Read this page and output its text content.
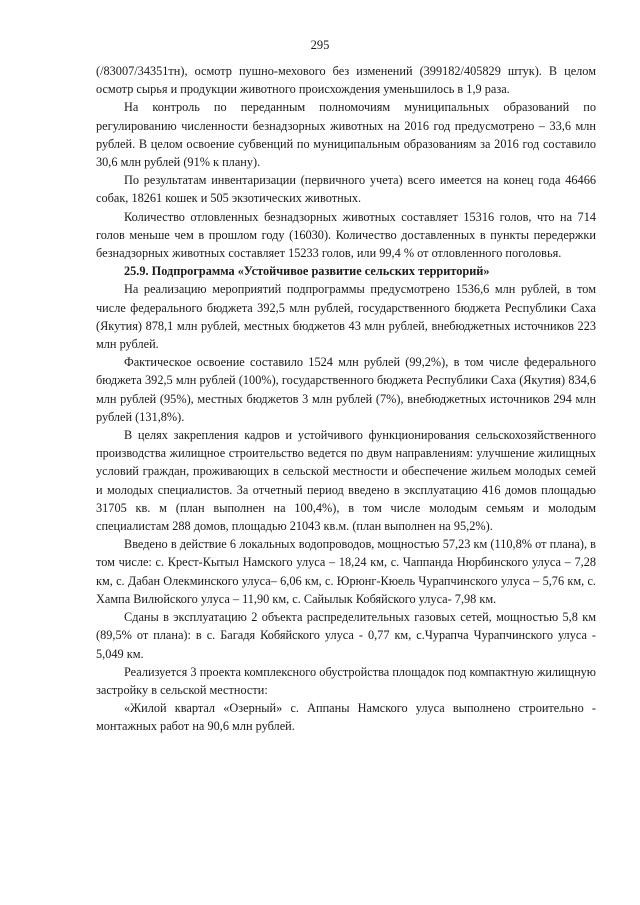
295

(/83007/34351тн), осмотр пушно-мехового без изменений (399182/405829 штук). В целом осмотр сырья и продукции животного происхождения уменьшилось в 1,9 раза.

На контроль по переданным полномочиям муниципальных образований по регулированию численности безнадзорных животных на 2016 год предусмотрено – 33,6 млн рублей. В целом освоение субвенций по муниципальным образованиям за 2016 год составило 30,6 млн рублей (91% к плану).

По результатам инвентаризации (первичного учета) всего имеется на конец года 46466 собак, 18261 кошек и 505 экзотических животных.

Количество отловленных безнадзорных животных составляет 15316 голов, что на 714 голов меньше чем в прошлом году (16030). Количество доставленных в пункты передержки безнадзорных животных составляет 15233 голов, или 99,4 % от отловленного поголовья.

25.9. Подпрограмма «Устойчивое развитие сельских территорий»

На реализацию мероприятий подпрограммы предусмотрено 1536,6 млн рублей, в том числе федерального бюджета 392,5 млн рублей, государственного бюджета Республики Саха (Якутия) 878,1 млн рублей, местных бюджетов 43 млн рублей, внебюджетных источников 223 млн рублей.

Фактическое освоение составило 1524 млн рублей (99,2%), в том числе федерального бюджета 392,5 млн рублей (100%), государственного бюджета Республики Саха (Якутия) 834,6 млн рублей (95%), местных бюджетов 3 млн рублей (7%), внебюджетных источников 294 млн рублей (131,8%).

В целях закрепления кадров и устойчивого функционирования сельскохозяйственного производства жилищное строительство ведется по двум направлениям: улучшение жилищных условий граждан, проживающих в сельской местности и обеспечение жильем молодых семей и молодых специалистов. За отчетный период введено в эксплуатацию 416 домов площадью 31705 кв. м (план выполнен на 100,4%), в том числе молодым семьям и молодым специалистам 288 домов, площадью 21043 кв.м. (план выполнен на 95,2%).

Введено в действие 6 локальных водопроводов, мощностью 57,23 км (110,8% от плана), в том числе: с. Крест-Кытыл Намского улуса – 18,24 км, с. Чаппанда Нюрбинского улуса – 7,28 км, с. Дабан Олекминского улуса– 6,06 км, с. Юрюнг-Кюель Чурапчинского улуса – 5,76 км, с. Хампа Вилюйского улуса – 11,90 км, с. Сайылык Кобяйского улуса- 7,98 км.

Сданы в эксплуатацию 2 объекта распределительных газовых сетей, мощностью 5,8 км (89,5% от плана): в с. Багадя Кобяйского улуса - 0,77 км, с.Чурапча Чурапчинского улуса - 5,049 км.

Реализуется 3 проекта комплексного обустройства площадок под компактную жилищную застройку в сельской местности:

«Жилой квартал «Озерный» с. Аппаны Намского улуса выполнено строительно - монтажных работ на 90,6 млн рублей.
